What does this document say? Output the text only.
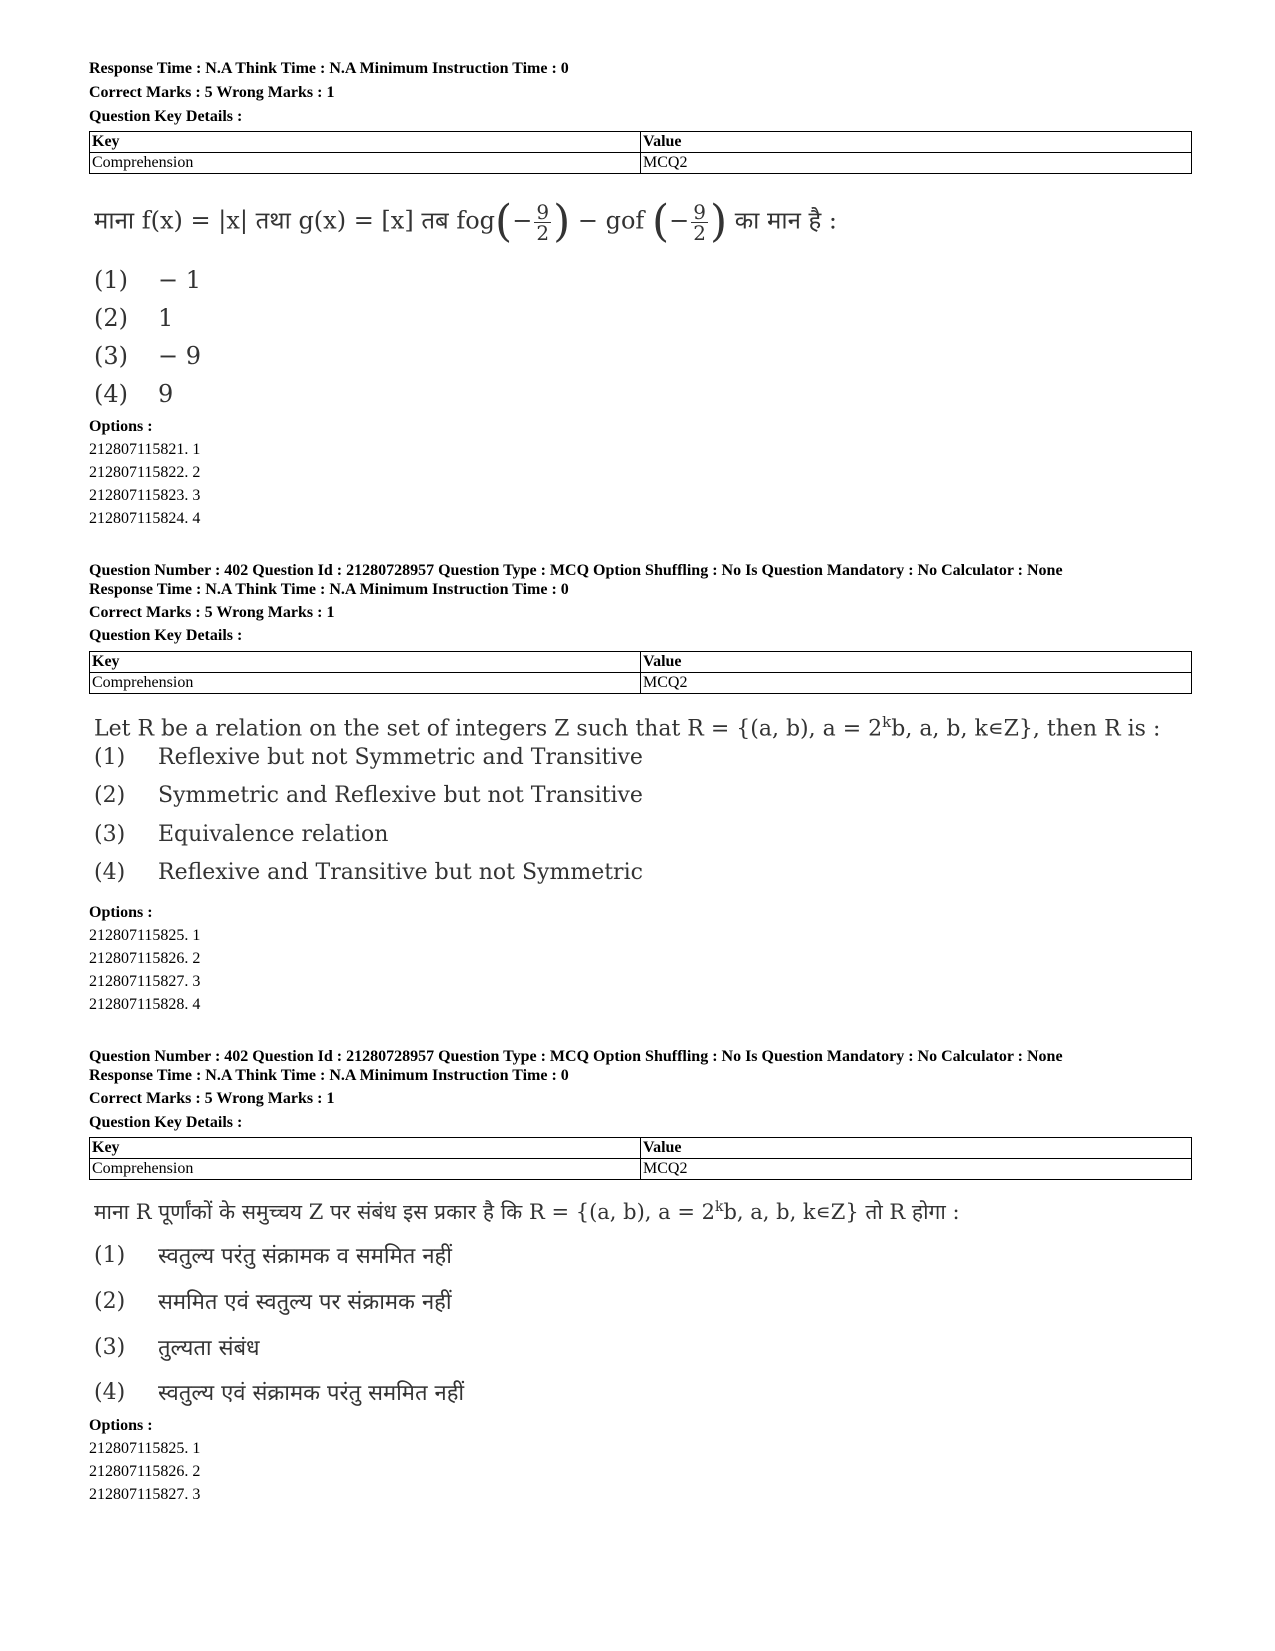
Response Time : N.A Think Time : N.A Minimum Instruction Time : 0
Correct Marks : 5 Wrong Marks : 1
Question Key Details :
Key	Value
Comprehension	MCQ2
माना f(x) = |x| तथा g(x) = [x] तब $fog(- \frac{9}{2}$ ) − gof (− $\frac{9}{2}$ ) का मान है :
(1)	− 1
(2)	1
(3)	− 9
(4)	9
Options :
212807115821. 1
212807115822. 2
212807115823. 3
212807115824. 4
Question Number : 402 Question Id : 21280728957 Question Type : MCQ Option Shuffling : No Is Question Mandatory : No Calculator : None
Response Time : N.A Think Time : N.A Minimum Instruction Time : 0
Correct Marks : 5 Wrong Marks : 1
Question Key Details :
Key	Value
Comprehension	MCQ2
Let R be a relation on the set of integers Z such that R = {(a, b), $a = 2^kb$, a, b, k∊Z}, then R is :
(1)	Reflexive but not Symmetric and Transitive
(2)	Symmetric and Reflexive but not Transitive
(3)	Equivalence relation
(4)	Reflexive and Transitive but not Symmetric
Options :
212807115825. 1
212807115826. 2
212807115827. 3
212807115828. 4
Question Number : 402 Question Id : 21280728957 Question Type : MCQ Option Shuffling : No Is Question Mandatory : No Calculator : None
Response Time : N.A Think Time : N.A Minimum Instruction Time : 0
Correct Marks : 5 Wrong Marks : 1
Question Key Details :
Key	Value
Comprehension	MCQ2
माना R पूर्णांकों के समुच्चय Z पर संबंध इस प्रकार है कि R = {(a, b), $a = 2^kb$, a, b, k∊Z} तो R होगा :
(1)	स्वतुल्य परंतु संक्रामक व सममित नहीं
(2)	सममित एवं स्वतुल्य पर संक्रामक नहीं
(3)	तुल्यता संबंध
(4)	स्वतुल्य एवं संक्रामक परंतु सममित नहीं
Options :
212807115825. 1
212807115826. 2
212807115827. 3
